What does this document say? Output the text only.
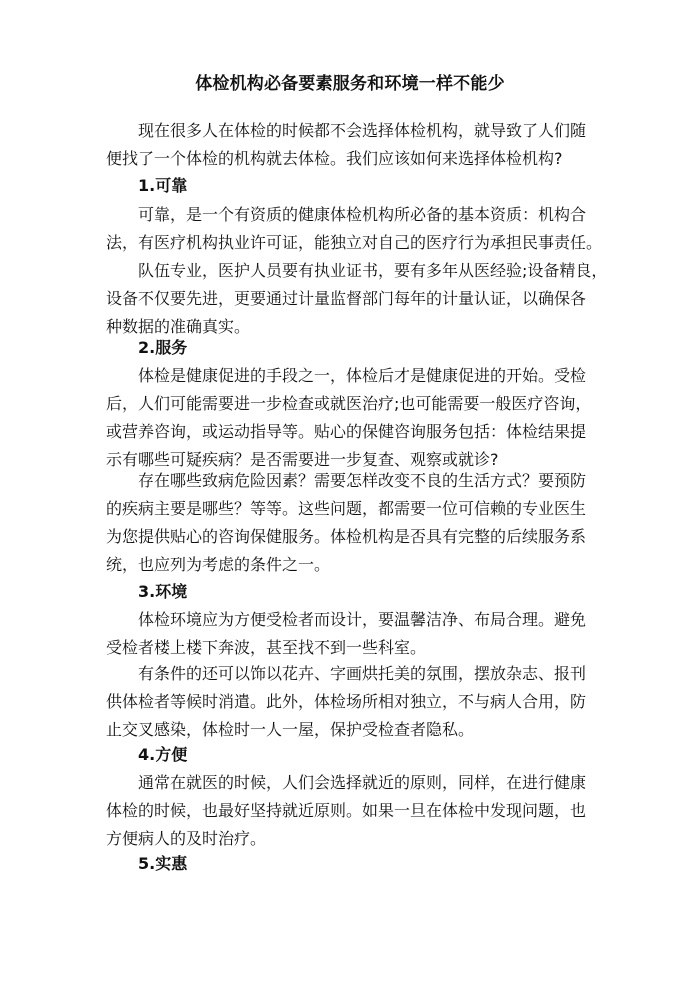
体检机构必备要素服务和环境一样不能少

现在很多人在体检的时候都不会选择体检机构，就导致了人们随
便找了一个体检的机构就去体检。我们应该如何来选择体检机构?

1.可靠

可靠，是一个有资质的健康体检机构所必备的基本资质：机构合
法，有医疗机构执业许可证，能独立对自己的医疗行为承担民事责任。

队伍专业，医护人员要有执业证书，要有多年从医经验;设备精良，
设备不仅要先进，更要通过计量监督部门每年的计量认证，以确保各
种数据的准确真实。

2.服务

体检是健康促进的手段之一，体检后才是健康促进的开始。受检
后，人们可能需要进一步检查或就医治疗;也可能需要一般医疗咨询，
或营养咨询，或运动指导等。贴心的保健咨询服务包括：体检结果提
示有哪些可疑疾病？是否需要进一步复查、观察或就诊?

存在哪些致病危险因素？需要怎样改变不良的生活方式？要预防
的疾病主要是哪些？等等。这些问题，都需要一位可信赖的专业医生
为您提供贴心的咨询保健服务。体检机构是否具有完整的后续服务系
统，也应列为考虑的条件之一。

3.环境

体检环境应为方便受检者而设计，要温馨洁净、布局合理。避免
受检者楼上楼下奔波，甚至找不到一些科室。

有条件的还可以饰以花卉、字画烘托美的氛围，摆放杂志、报刊
供体检者等候时消遣。此外，体检场所相对独立，不与病人合用，防
止交叉感染，体检时一人一屋，保护受检查者隐私。

4.方便

通常在就医的时候，人们会选择就近的原则，同样，在进行健康
体检的时候，也最好坚持就近原则。如果一旦在体检中发现问题，也
方便病人的及时治疗。

5.实惠
